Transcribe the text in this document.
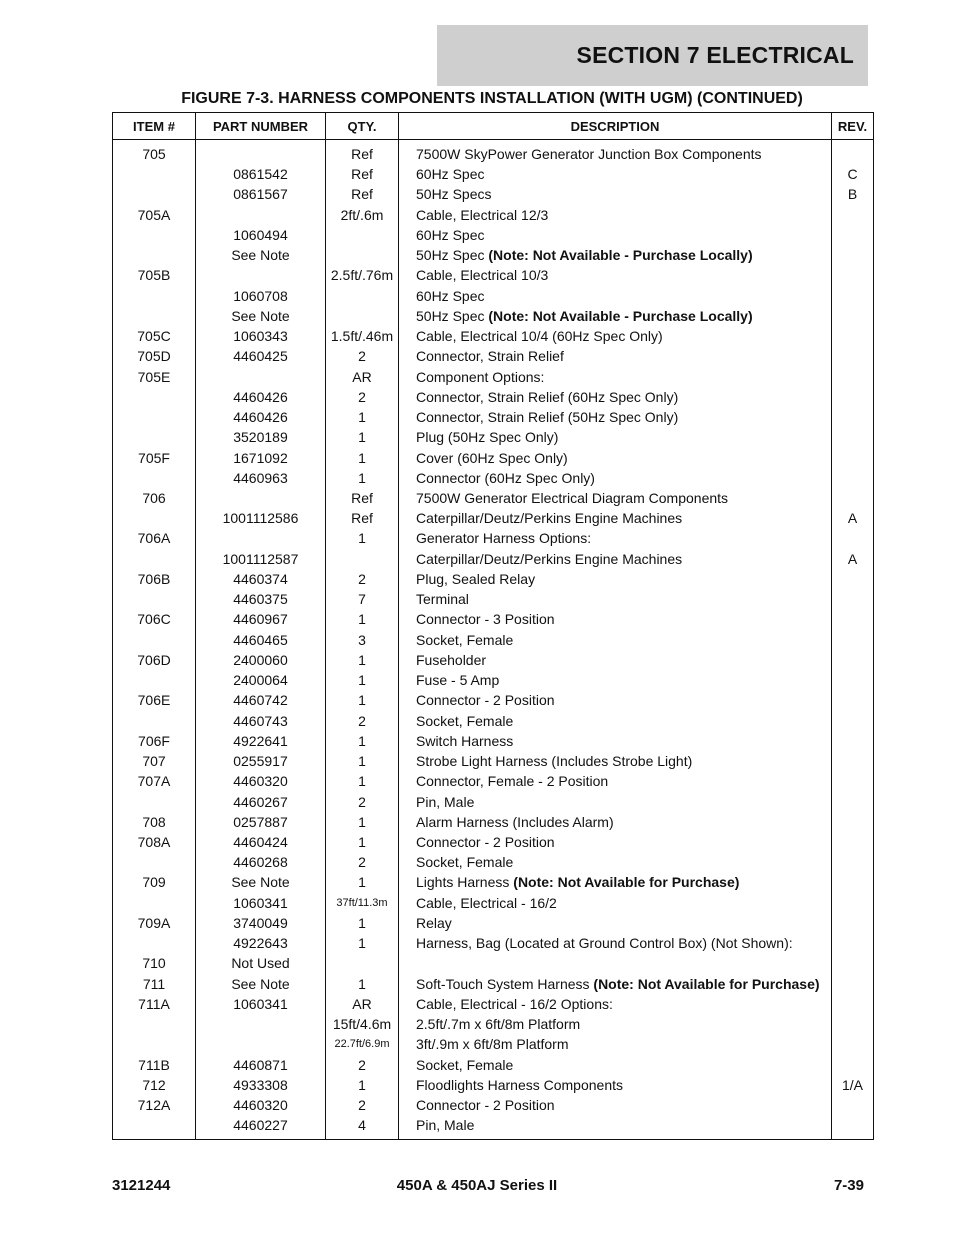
SECTION 7 ELECTRICAL
FIGURE 7-3. HARNESS COMPONENTS INSTALLATION (WITH UGM) (CONTINUED)
ITEM #	PART NUMBER	QTY.	DESCRIPTION	REV.
705		Ref	7500W SkyPower Generator Junction Box Components	
	0861542	Ref	60Hz Spec	C
	0861567	Ref	50Hz Specs	B
705A		2ft/.6m	Cable, Electrical 12/3	
	1060494		60Hz Spec	
	See Note		50Hz Spec (Note: Not Available - Purchase Locally)	
705B		2.5ft/.76m	Cable, Electrical 10/3	
	1060708		60Hz Spec	
	See Note		50Hz Spec (Note: Not Available - Purchase Locally)	
705C	1060343	1.5ft/.46m	Cable, Electrical 10/4 (60Hz Spec Only)	
705D	4460425	2	Connector, Strain Relief	
705E		AR	Component Options:	
	4460426	2	Connector, Strain Relief (60Hz Spec Only)	
	4460426	1	Connector, Strain Relief (50Hz Spec Only)	
	3520189	1	Plug (50Hz Spec Only)	
705F	1671092	1	Cover (60Hz Spec Only)	
	4460963	1	Connector (60Hz Spec Only)	
706		Ref	7500W Generator Electrical Diagram Components	
	1001112586	Ref	Caterpillar/Deutz/Perkins Engine Machines	A
706A		1	Generator Harness Options:	
	1001112587		Caterpillar/Deutz/Perkins Engine Machines	A
706B	4460374	2	Plug, Sealed Relay	
	4460375	7	Terminal	
706C	4460967	1	Connector - 3 Position	
	4460465	3	Socket, Female	
706D	2400060	1	Fuseholder	
	2400064	1	Fuse - 5 Amp	
706E	4460742	1	Connector - 2 Position	
	4460743	2	Socket, Female	
706F	4922641	1	Switch Harness	
707	0255917	1	Strobe Light Harness (Includes Strobe Light)	
707A	4460320	1	Connector, Female - 2 Position	
	4460267	2	Pin, Male	
708	0257887	1	Alarm Harness (Includes Alarm)	
708A	4460424	1	Connector - 2 Position	
	4460268	2	Socket, Female	
709	See Note	1	Lights Harness (Note: Not Available for Purchase)	
	1060341	37ft/11.3m	Cable, Electrical - 16/2	
709A	3740049	1	Relay	
	4922643	1	Harness, Bag (Located at Ground Control Box) (Not Shown):	
710	Not Used			
711	See Note	1	Soft-Touch System Harness (Note: Not Available for Purchase)	
711A	1060341	AR	Cable, Electrical - 16/2 Options:	
		15ft/4.6m	2.5ft/.7m x 6ft/8m Platform	
		22.7ft/6.9m	3ft/.9m x 6ft/8m Platform	
711B	4460871	2	Socket, Female	
712	4933308	1	Floodlights Harness Components	1/A
712A	4460320	2	Connector - 2 Position	
	4460227	4	Pin, Male	
3121244	450A & 450AJ Series II	7-39
